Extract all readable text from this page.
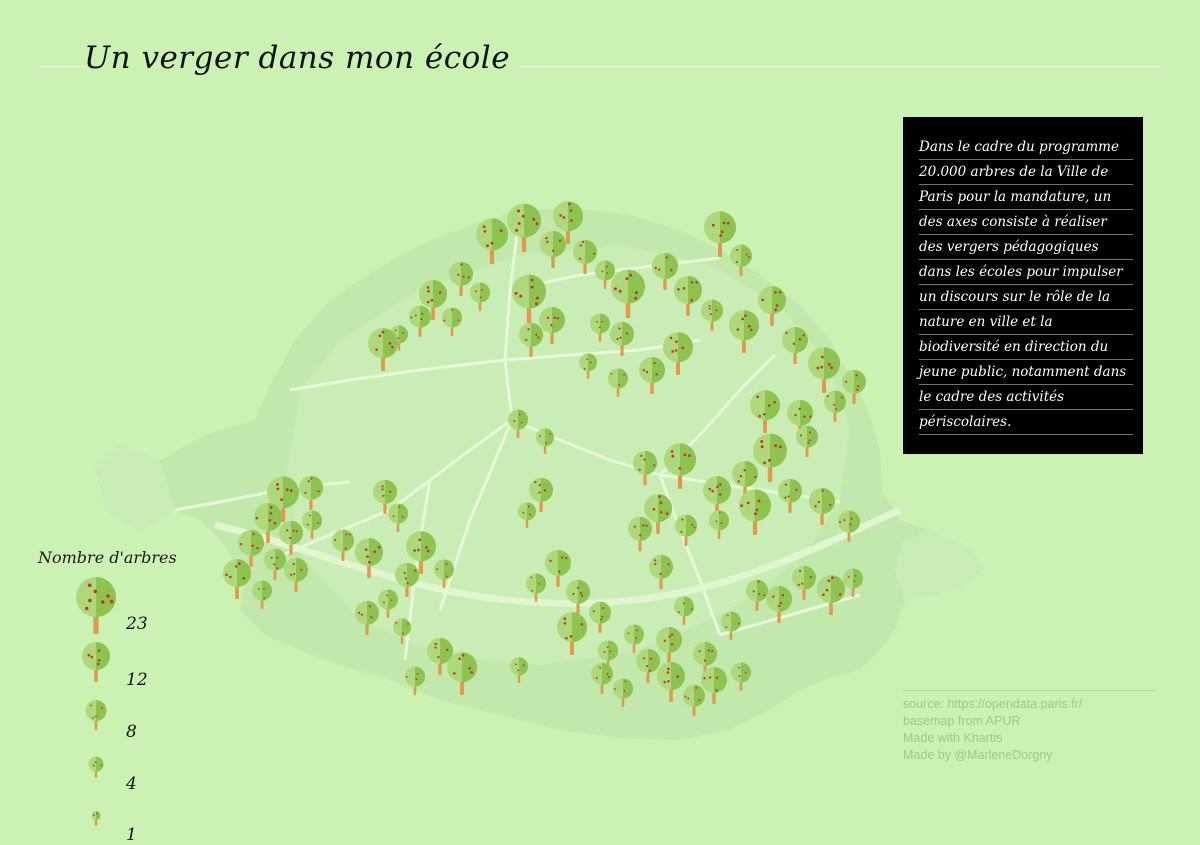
Un verger dans mon école
Nombre d'arbres
23
12
8
4
1
Dans le cadre du programme 20.000 arbres de la Ville de Paris pour la mandature, un des axes consiste à réaliser des vergers pédagogiques dans les écoles pour impulser un discours sur le rôle de la nature en ville et la biodiversité en direction du jeune public, notamment dans le cadre des activités périscolaires.
source: https://opendata.paris.fr/
basemap from APUR
Made with Khartis
Made by @MarleneDorgny
